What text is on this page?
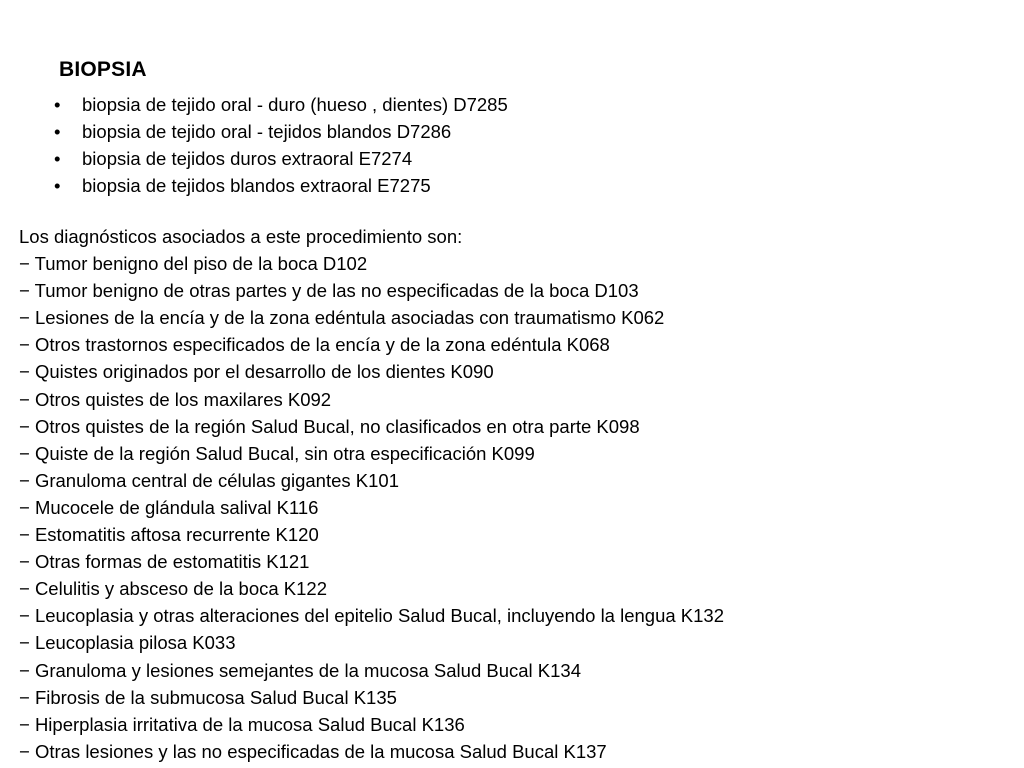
BIOPSIA
• biopsia de tejido oral - duro (hueso , dientes) D7285
• biopsia de tejido oral - tejidos blandos D7286
• biopsia de tejidos duros extraoral E7274
• biopsia de tejidos blandos extraoral E7275
Los diagnósticos asociados a este procedimiento son:
− Tumor benigno del piso de la boca D102
− Tumor benigno de otras partes y de las no especificadas de la boca D103
− Lesiones de la encía y de la zona edéntula asociadas con traumatismo K062
− Otros trastornos especificados de la encía y de la zona edéntula K068
− Quistes originados por el desarrollo de los dientes K090
− Otros quistes de los maxilares K092
− Otros quistes de la región Salud Bucal, no clasificados en otra parte K098
− Quiste de la región Salud Bucal, sin otra especificación K099
− Granuloma central de células gigantes K101
− Mucocele de glándula salival K116
− Estomatitis aftosa recurrente K120
− Otras formas de estomatitis K121
− Celulitis y absceso de la boca K122
− Leucoplasia y otras alteraciones del epitelio Salud Bucal, incluyendo la lengua K132
− Leucoplasia pilosa K033
− Granuloma y lesiones semejantes de la mucosa Salud Bucal K134
− Fibrosis de la submucosa Salud Bucal K135
− Hiperplasia irritativa de la mucosa Salud Bucal K136
− Otras lesiones y las no especificadas de la mucosa Salud Bucal K137
